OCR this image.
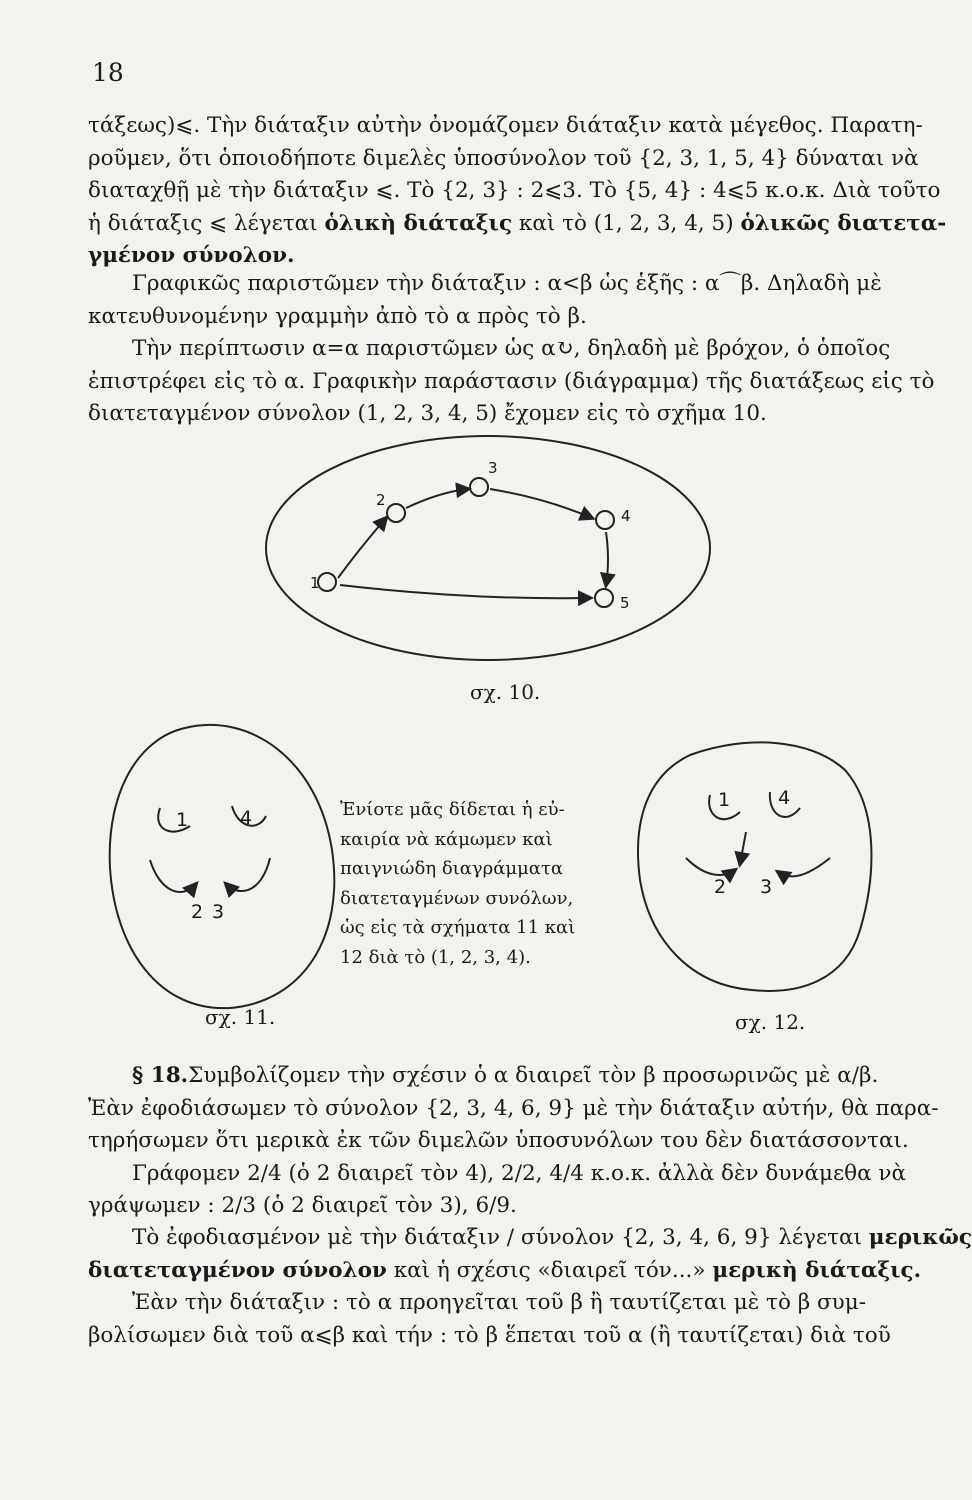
18
τάξεως)⩽. Τὴν διάταξιν αὐτὴν ὀνομάζομεν διάταξιν κατὰ μέγεθος. Παρατη-
ροῦμεν, ὅτι ὁποιοδήποτε διμελὲς ὑποσύνολον τοῦ {2, 3, 1, 5, 4} δύναται νὰ
διαταχθῇ μὲ τὴν διάταξιν ⩽. Τὸ {2, 3} : 2⩽3. Τὸ {5, 4} : 4⩽5 κ.ο.κ. Διὰ τοῦτο
ἡ διάταξις ⩽ λέγεται ὁλικὴ διάταξις καὶ τὸ (1, 2, 3, 4, 5) ὁλικῶς διατετα-
γμένον σύνολον.
Γραφικῶς παριστῶμεν τὴν διάταξιν : α<β ὡς ἑξῆς : α⌒β. Δηλαδὴ μὲ
κατευθυνομένην γραμμὴν ἀπὸ τὸ α πρὸς τὸ β.
Τὴν περίπτωσιν α=α παριστῶμεν ὡς α↻, δηλαδὴ μὲ βρόχον, ὁ ὁποῖος
ἐπιστρέφει εἰς τὸ α. Γραφικὴν παράστασιν (διάγραμμα) τῆς διατάξεως εἰς τὸ
διατεταγμένον σύνολον (1, 2, 3, 4, 5) ἔχομεν εἰς τὸ σχῆμα 10.
1
2
3
4
5
1	4
2 3
1	4
2 3
σχ. 10.
σχ. 11.	σχ. 12.
Ἐνίοτε μᾶς δίδεται ἡ εὐ-
καιρία νὰ κάμωμεν καὶ
παιγνιώδη διαγράμματα
διατεταγμένων συνόλων,
ὡς εἰς τὰ σχήματα 11 καὶ
12 διὰ τὸ (1, 2, 3, 4).
§ 18.Συμβολίζομεν τὴν σχέσιν ὁ α διαιρεῖ τὸν β προσωρινῶς μὲ α/β.
Ἐὰν ἐφοδιάσωμεν τὸ σύνολον {2, 3, 4, 6, 9} μὲ τὴν διάταξιν αὐτήν, θὰ παρα-
τηρήσωμεν ὅτι μερικὰ ἐκ τῶν διμελῶν ὑποσυνόλων του δὲν διατάσσονται.
Γράφομεν 2/4 (ὁ 2 διαιρεῖ τὸν 4), 2/2, 4/4 κ.ο.κ. ἀλλὰ δὲν δυνάμεθα νὰ
γράψωμεν : 2/3 (ὁ 2 διαιρεῖ τὸν 3), 6/9.
Τὸ ἐφοδιασμένον μὲ τὴν διάταξιν / σύνολον {2, 3, 4, 6, 9} λέγεται μερικῶς
διατεταγμένον σύνολον καὶ ἡ σχέσις «διαιρεῖ τόν...» μερικὴ διάταξις.
Ἐὰν τὴν διάταξιν : τὸ α προηγεῖται τοῦ β ἢ ταυτίζεται μὲ τὸ β συμ-
βολίσωμεν διὰ τοῦ α⩽β καὶ τήν : τὸ β ἕπεται τοῦ α (ἢ ταυτίζεται) διὰ τοῦ
